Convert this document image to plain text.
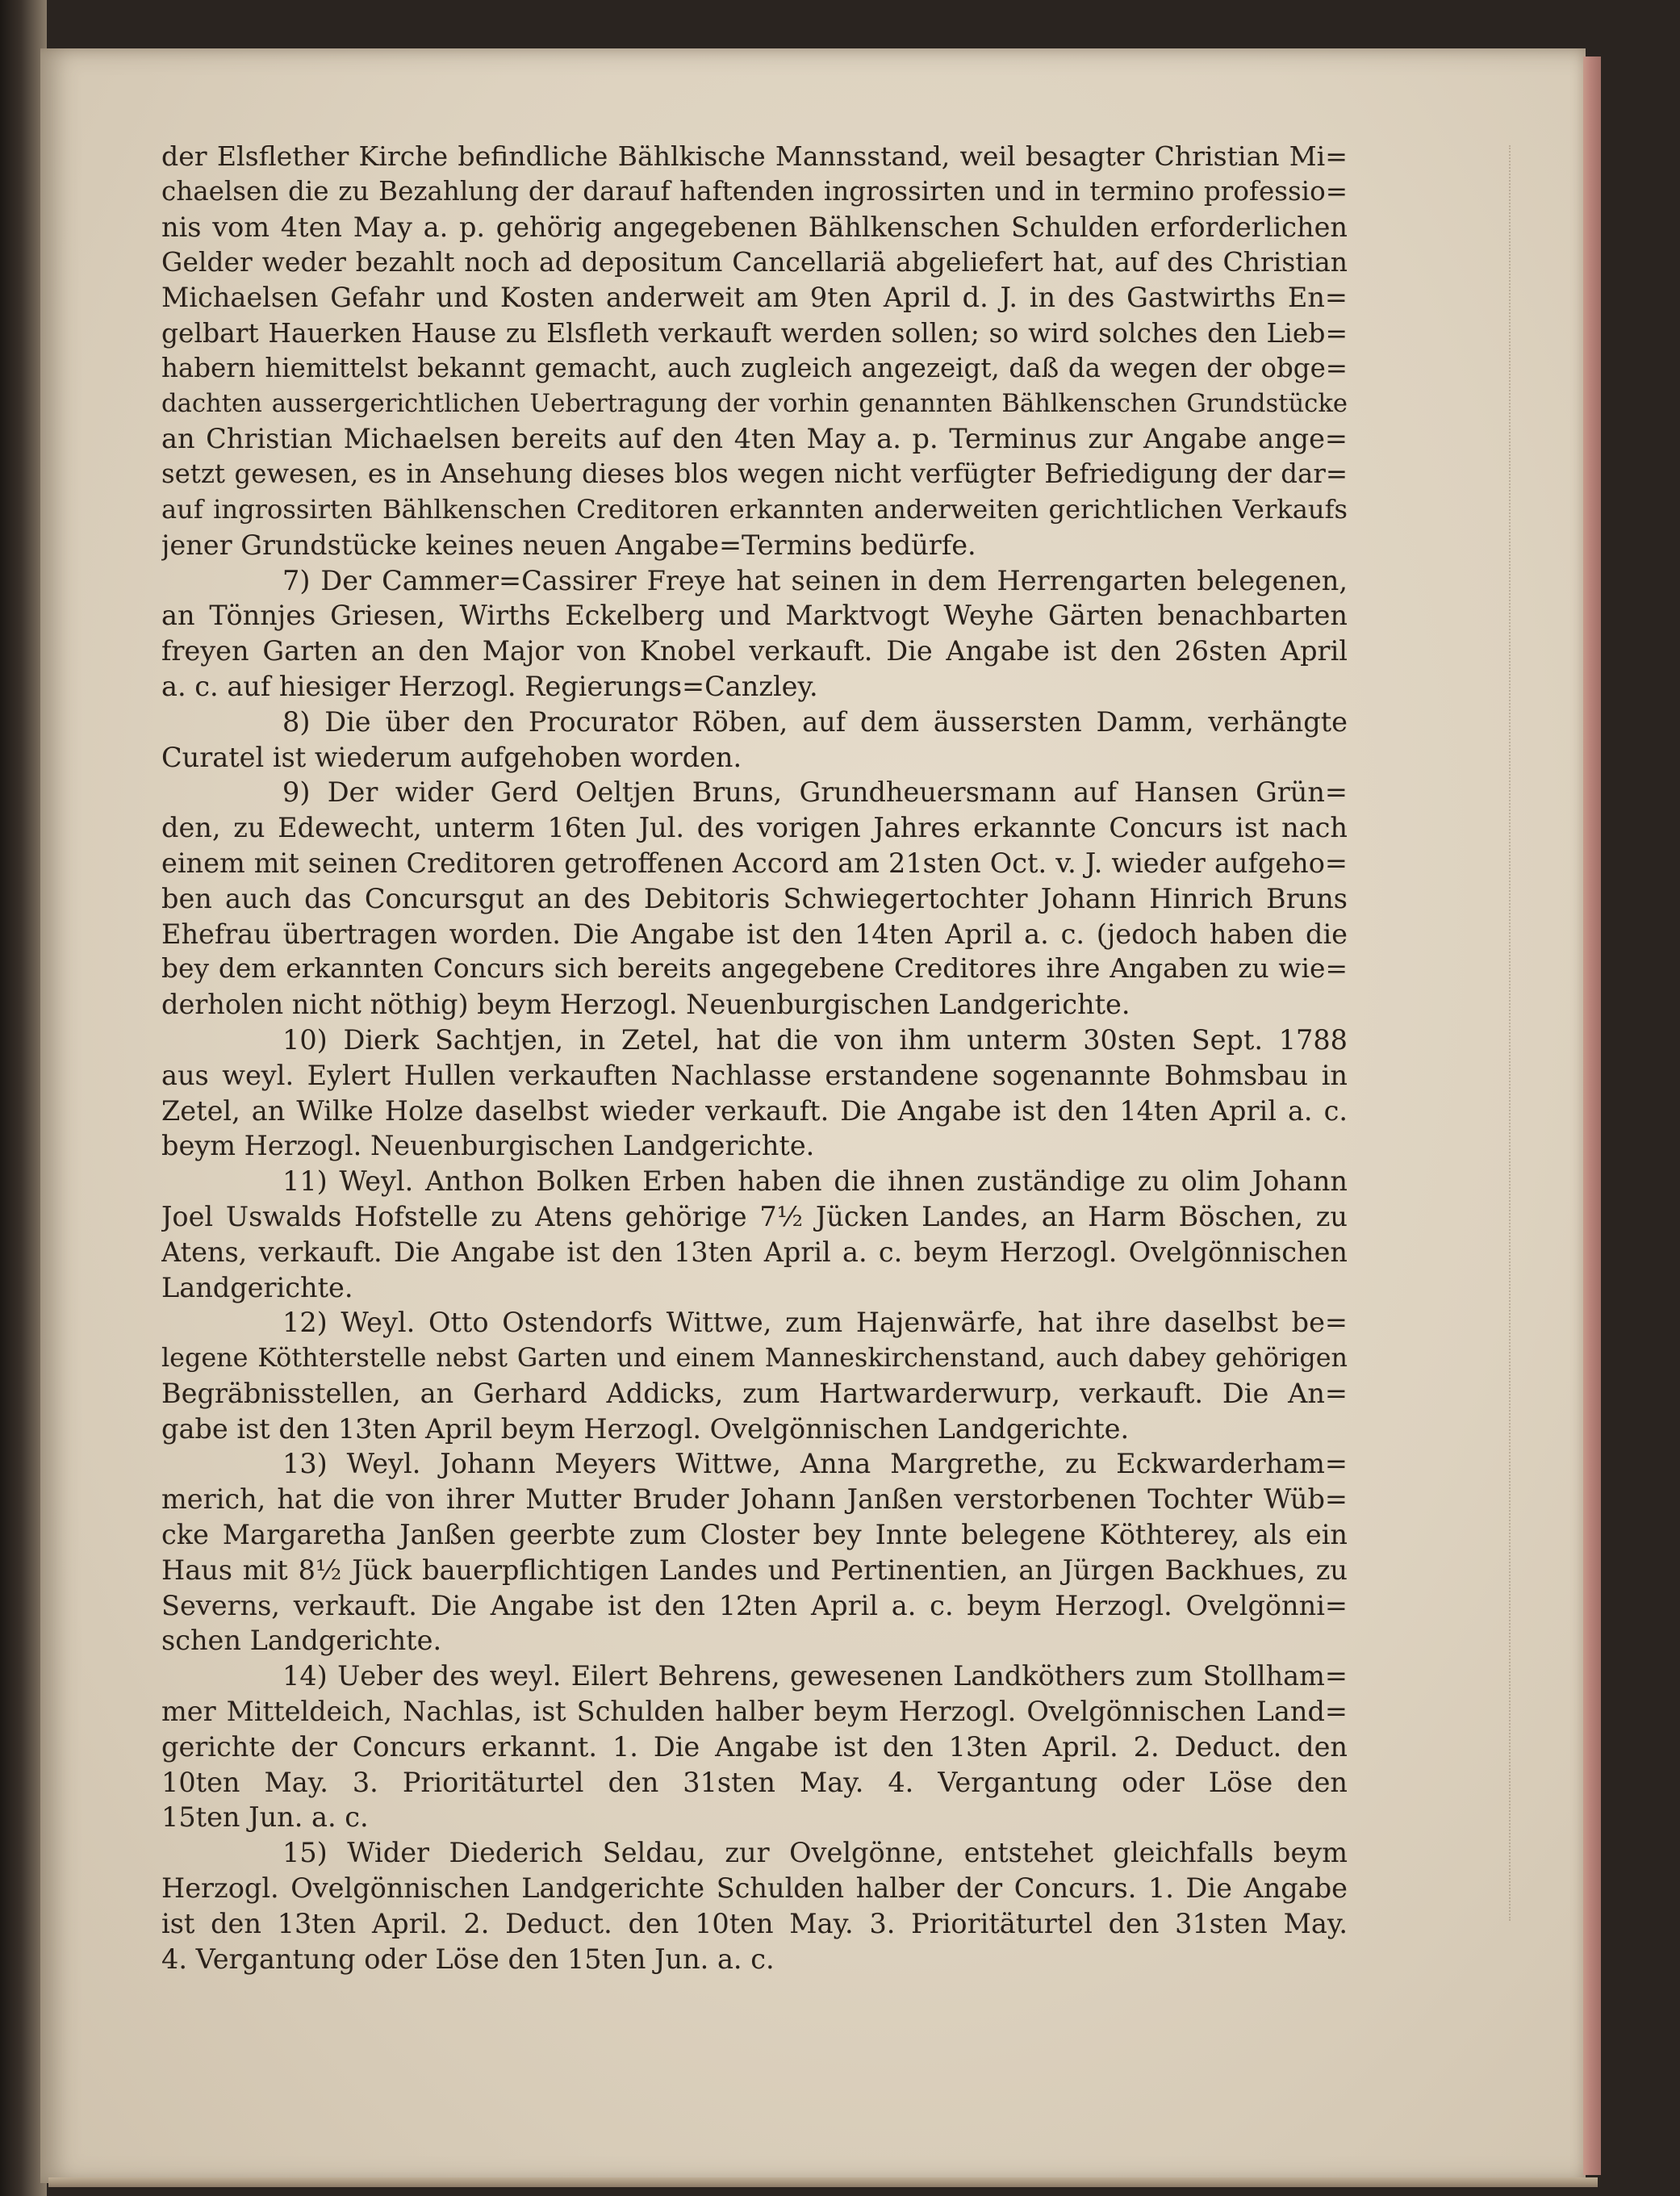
der Elsflether Kirche befindliche Bählkische Mannsstand, weil besagter Christian Mi=
chaelsen die zu Bezahlung der darauf haftenden ingrossirten und in termino professio=
nis vom 4ten May a. p. gehörig angegebenen Bählkenschen Schulden erforderlichen
Gelder weder bezahlt noch ad depositum Cancellariä abgeliefert hat, auf des Christian
Michaelsen Gefahr und Kosten anderweit am 9ten April d. J. in des Gastwirths En=
gelbart Hauerken Hause zu Elsfleth verkauft werden sollen; so wird solches den Lieb=
habern hiemittelst bekannt gemacht, auch zugleich angezeigt, daß da wegen der obge=
dachten aussergerichtlichen Uebertragung der vorhin genannten Bählkenschen Grundstücke
an Christian Michaelsen bereits auf den 4ten May a. p. Terminus zur Angabe ange=
setzt gewesen, es in Ansehung dieses blos wegen nicht verfügter Befriedigung der dar=
auf ingrossirten Bählkenschen Creditoren erkannten anderweiten gerichtlichen Verkaufs
jener Grundstücke keines neuen Angabe=Termins bedürfe.
7) Der Cammer=Cassirer Freye hat seinen in dem Herrengarten belegenen,
an Tönnjes Griesen, Wirths Eckelberg und Marktvogt Weyhe Gärten benachbarten
freyen Garten an den Major von Knobel verkauft. Die Angabe ist den 26sten April
a. c. auf hiesiger Herzogl. Regierungs=Canzley.
8) Die über den Procurator Röben, auf dem äussersten Damm, verhängte
Curatel ist wiederum aufgehoben worden.
9) Der wider Gerd Oeltjen Bruns, Grundheuersmann auf Hansen Grün=
den, zu Edewecht, unterm 16ten Jul. des vorigen Jahres erkannte Concurs ist nach
einem mit seinen Creditoren getroffenen Accord am 21sten Oct. v. J. wieder aufgeho=
ben auch das Concursgut an des Debitoris Schwiegertochter Johann Hinrich Bruns
Ehefrau übertragen worden. Die Angabe ist den 14ten April a. c. (jedoch haben die
bey dem erkannten Concurs sich bereits angegebene Creditores ihre Angaben zu wie=
derholen nicht nöthig) beym Herzogl. Neuenburgischen Landgerichte.
10) Dierk Sachtjen, in Zetel, hat die von ihm unterm 30sten Sept. 1788
aus weyl. Eylert Hullen verkauften Nachlasse erstandene sogenannte Bohmsbau in
Zetel, an Wilke Holze daselbst wieder verkauft. Die Angabe ist den 14ten April a. c.
beym Herzogl. Neuenburgischen Landgerichte.
11) Weyl. Anthon Bolken Erben haben die ihnen zuständige zu olim Johann
Joel Uswalds Hofstelle zu Atens gehörige 7½ Jücken Landes, an Harm Böschen, zu
Atens, verkauft. Die Angabe ist den 13ten April a. c. beym Herzogl. Ovelgönnischen
Landgerichte.
12) Weyl. Otto Ostendorfs Wittwe, zum Hajenwärfe, hat ihre daselbst be=
legene Köthterstelle nebst Garten und einem Manneskirchenstand, auch dabey gehörigen
Begräbnisstellen, an Gerhard Addicks, zum Hartwarderwurp, verkauft. Die An=
gabe ist den 13ten April beym Herzogl. Ovelgönnischen Landgerichte.
13) Weyl. Johann Meyers Wittwe, Anna Margrethe, zu Eckwarderham=
merich, hat die von ihrer Mutter Bruder Johann Janßen verstorbenen Tochter Wüb=
cke Margaretha Janßen geerbte zum Closter bey Innte belegene Köthterey, als ein
Haus mit 8½ Jück bauerpflichtigen Landes und Pertinentien, an Jürgen Backhues, zu
Severns, verkauft. Die Angabe ist den 12ten April a. c. beym Herzogl. Ovelgönni=
schen Landgerichte.
14) Ueber des weyl. Eilert Behrens, gewesenen Landköthers zum Stollham=
mer Mitteldeich, Nachlas, ist Schulden halber beym Herzogl. Ovelgönnischen Land=
gerichte der Concurs erkannt. 1. Die Angabe ist den 13ten April. 2. Deduct. den
10ten May. 3. Prioritäturtel den 31sten May. 4. Vergantung oder Löse den
15ten Jun. a. c.
15) Wider Diederich Seldau, zur Ovelgönne, entstehet gleichfalls beym
Herzogl. Ovelgönnischen Landgerichte Schulden halber der Concurs. 1. Die Angabe
ist den 13ten April. 2. Deduct. den 10ten May. 3. Prioritäturtel den 31sten May.
4. Vergantung oder Löse den 15ten Jun. a. c.
